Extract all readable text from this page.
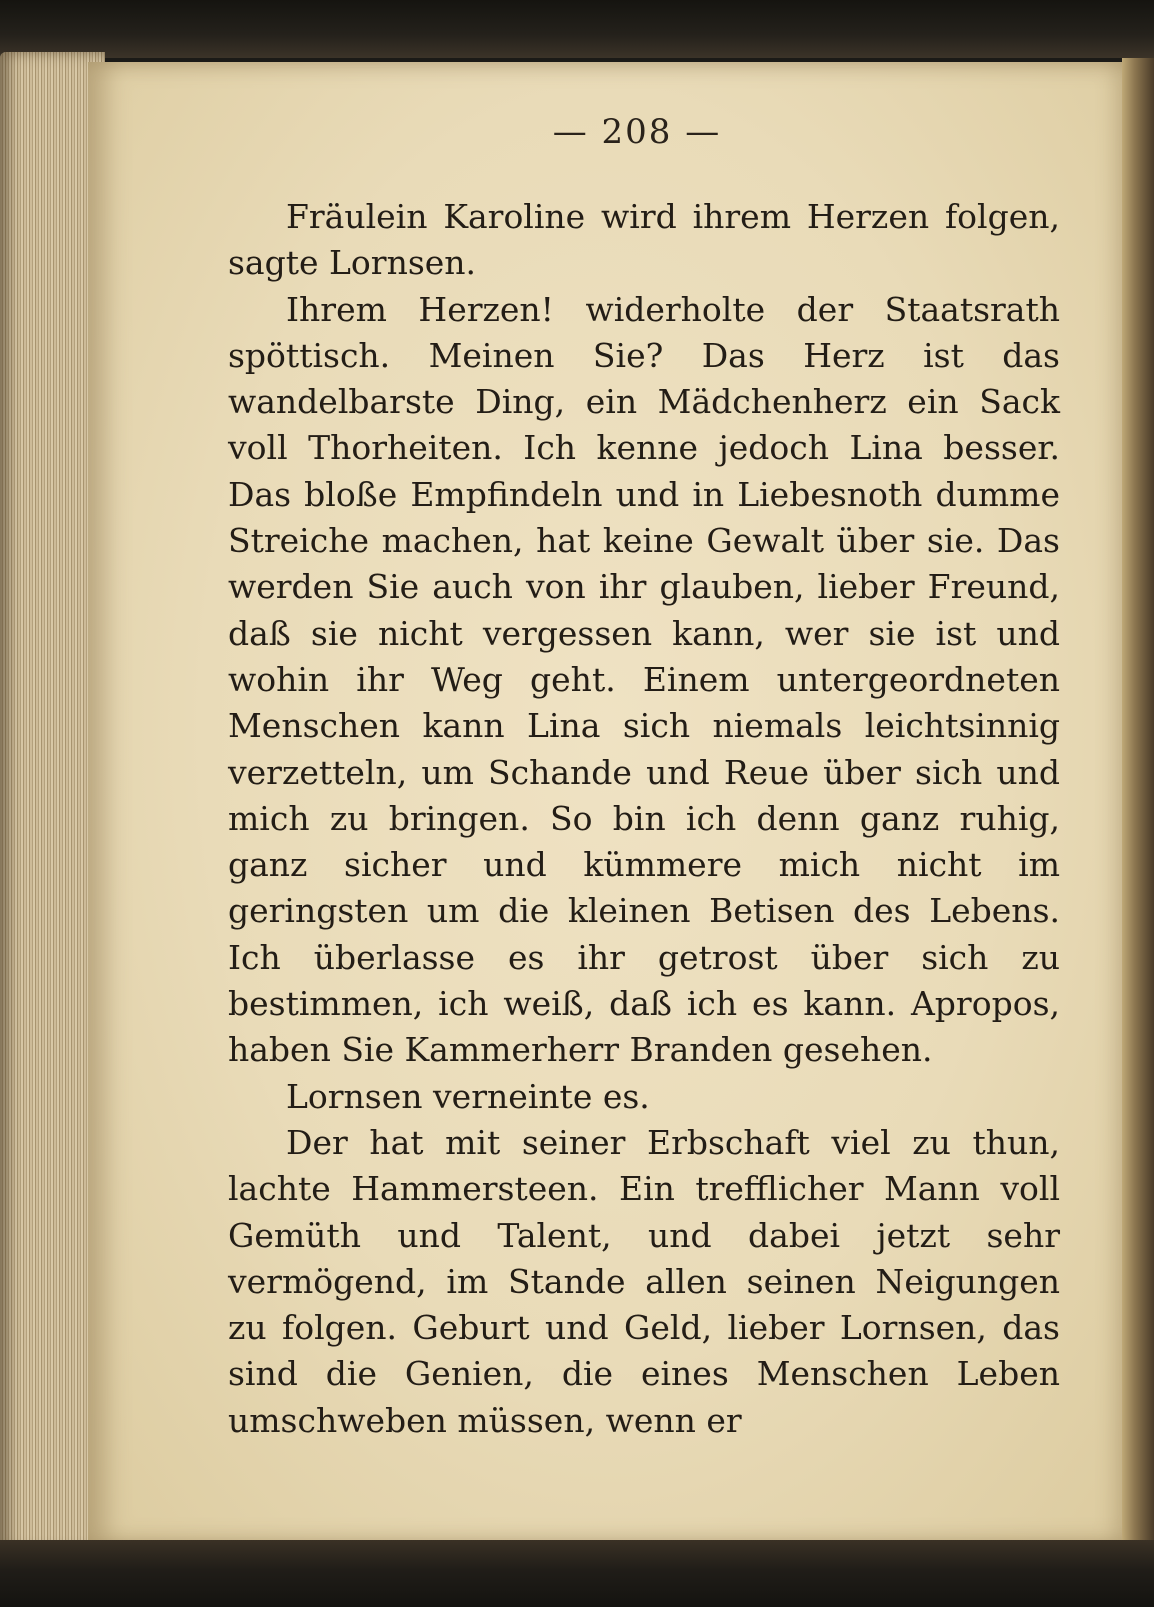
— 208 —

Fräulein Karoline wird ihrem Herzen folgen, sagte Lornsen.

Ihrem Herzen! widerholte der Staatsrath spöttisch. Meinen Sie? Das Herz ist das wandelbarste Ding, ein Mädchenherz ein Sack voll Thorheiten. Ich kenne jedoch Lina besser. Das bloße Empfindeln und in Liebesnoth dumme Streiche machen, hat keine Gewalt über sie. Das werden Sie auch von ihr glauben, lieber Freund, daß sie nicht vergessen kann, wer sie ist und wohin ihr Weg geht. Einem untergeordneten Menschen kann Lina sich niemals leichtsinnig verzetteln, um Schande und Reue über sich und mich zu bringen. So bin ich denn ganz ruhig, ganz sicher und kümmere mich nicht im geringsten um die kleinen Betisen des Lebens. Ich überlasse es ihr getrost über sich zu bestimmen, ich weiß, daß ich es kann. Apropos, haben Sie Kammerherr Branden gesehen.

Lornsen verneinte es.

Der hat mit seiner Erbschaft viel zu thun, lachte Hammersteen. Ein trefflicher Mann voll Gemüth und Talent, und dabei jetzt sehr vermögend, im Stande allen seinen Neigungen zu folgen. Geburt und Geld, lieber Lornsen, das sind die Genien, die eines Menschen Leben umschweben müssen, wenn er
